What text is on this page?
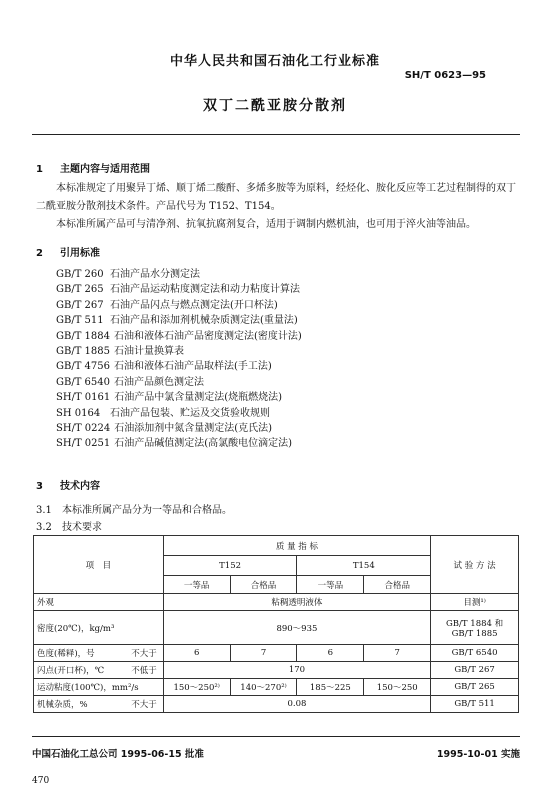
中华人民共和国石油化工行业标准
SH/T 0623—95
双丁二酰亚胺分散剂
1 主题内容与适用范围
本标准规定了用聚异丁烯、顺丁烯二酸酐、多烯多胺等为原料，经烃化、胺化反应等工艺过程制得的双丁二酰亚胺分散剂技术条件。产品代号为 T152、T154。
本标准所属产品可与清净剂、抗氧抗腐剂复合，适用于调制内燃机油，也可用于淬火油等油品。
2 引用标准
GB/T 260 石油产品水分测定法
GB/T 265 石油产品运动粘度测定法和动力粘度计算法
GB/T 267 石油产品闪点与燃点测定法(开口杯法)
GB/T 511 石油产品和添加剂机械杂质测定法(重量法)
GB/T 1884 石油和液体石油产品密度测定法(密度计法)
GB/T 1885 石油计量换算表
GB/T 4756 石油和液体石油产品取样法(手工法)
GB/T 6540 石油产品颜色测定法
SH/T 0161 石油产品中氯含量测定法(烧瓶燃烧法)
SH 0164 石油产品包装、贮运及交货验收规则
SH/T 0224 石油添加剂中氮含量测定法(克氏法)
SH/T 0251 石油产品碱值测定法(高氯酸电位滴定法)
3 技术内容
3.1 本标准所属产品分为一等品和合格品。
3.2 技术要求
项　目	质 量 指 标				试 验 方 法
	T152		T154		
	一等品	合格品	一等品	合格品	
外观	粘稠透明液体				目测¹⁾
密度(20℃)，kg/m³	890～935				GB/T 1884 和
GB/T 1885

色度(稀释)，号 不大于	6	7	6	7	GB/T 6540
闪点(开口杯)，℃ 不低于	170				GB/T 267
运动粘度(100℃)，mm²/s	150～250²⁾	140～270²⁾	185～225	150～250	GB/T 265
机械杂质，% 不大于	0.08				GB/T 511
中国石油化工总公司 1995-06-15 批准	1995-10-01 实施
470
